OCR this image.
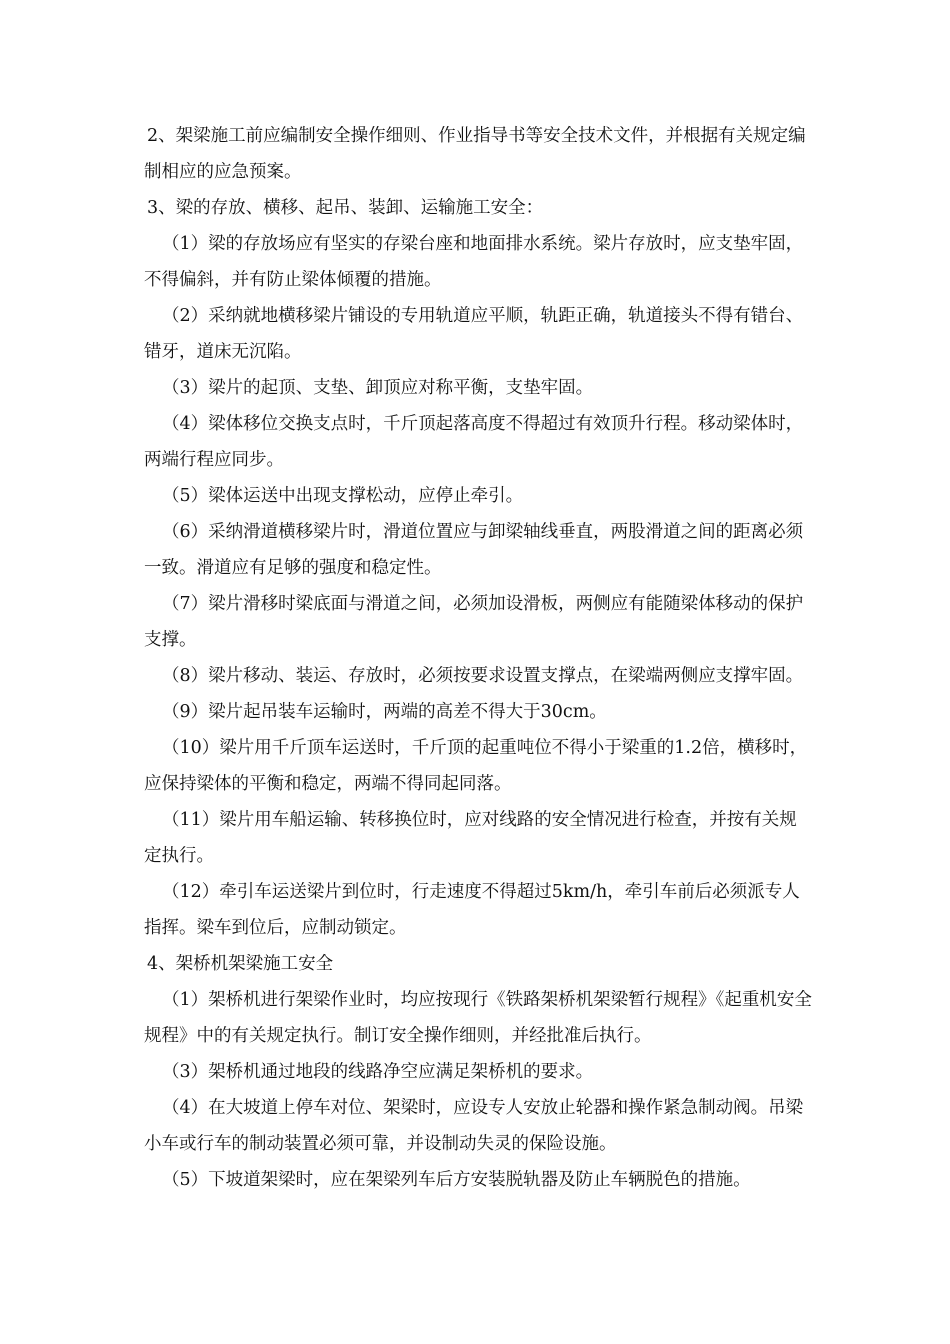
2、架梁施工前应编制安全操作细则、作业指导书等安全技术文件，并根据有关规定编制相应的应急预案。

3、梁的存放、横移、起吊、装卸、运输施工安全：

（1）梁的存放场应有坚实的存梁台座和地面排水系统。梁片存放时，应支垫牢固，不得偏斜，并有防止梁体倾覆的措施。

（2）采纳就地横移梁片铺设的专用轨道应平顺，轨距正确，轨道接头不得有错台、错牙，道床无沉陷。

（3）梁片的起顶、支垫、卸顶应对称平衡，支垫牢固。

（4）梁体移位交换支点时，千斤顶起落高度不得超过有效顶升行程。移动梁体时，两端行程应同步。

（5）梁体运送中出现支撑松动，应停止牵引。

（6）采纳滑道横移梁片时，滑道位置应与卸梁轴线垂直，两股滑道之间的距离必须一致。滑道应有足够的强度和稳定性。

（7）梁片滑移时梁底面与滑道之间，必须加设滑板，两侧应有能随梁体移动的保护支撑。

（8）梁片移动、装运、存放时，必须按要求设置支撑点，在梁端两侧应支撑牢固。

（9）梁片起吊装车运输时，两端的高差不得大于30cm。

（10）梁片用千斤顶车运送时，千斤顶的起重吨位不得小于梁重的1.2倍，横移时，应保持梁体的平衡和稳定，两端不得同起同落。

（11）梁片用车船运输、转移换位时，应对线路的安全情况进行检查，并按有关规定执行。

（12）牵引车运送梁片到位时，行走速度不得超过5km/h，牵引车前后必须派专人指挥。梁车到位后，应制动锁定。

4、架桥机架梁施工安全

（1）架桥机进行架梁作业时，均应按现行《铁路架桥机架梁暂行规程》《起重机安全规程》中的有关规定执行。制订安全操作细则，并经批准后执行。

（3）架桥机通过地段的线路净空应满足架桥机的要求。

（4）在大坡道上停车对位、架梁时，应设专人安放止轮器和操作紧急制动阀。吊梁小车或行车的制动装置必须可靠，并设制动失灵的保险设施。

（5）下坡道架梁时，应在架梁列车后方安装脱轨器及防止车辆脱色的措施。
